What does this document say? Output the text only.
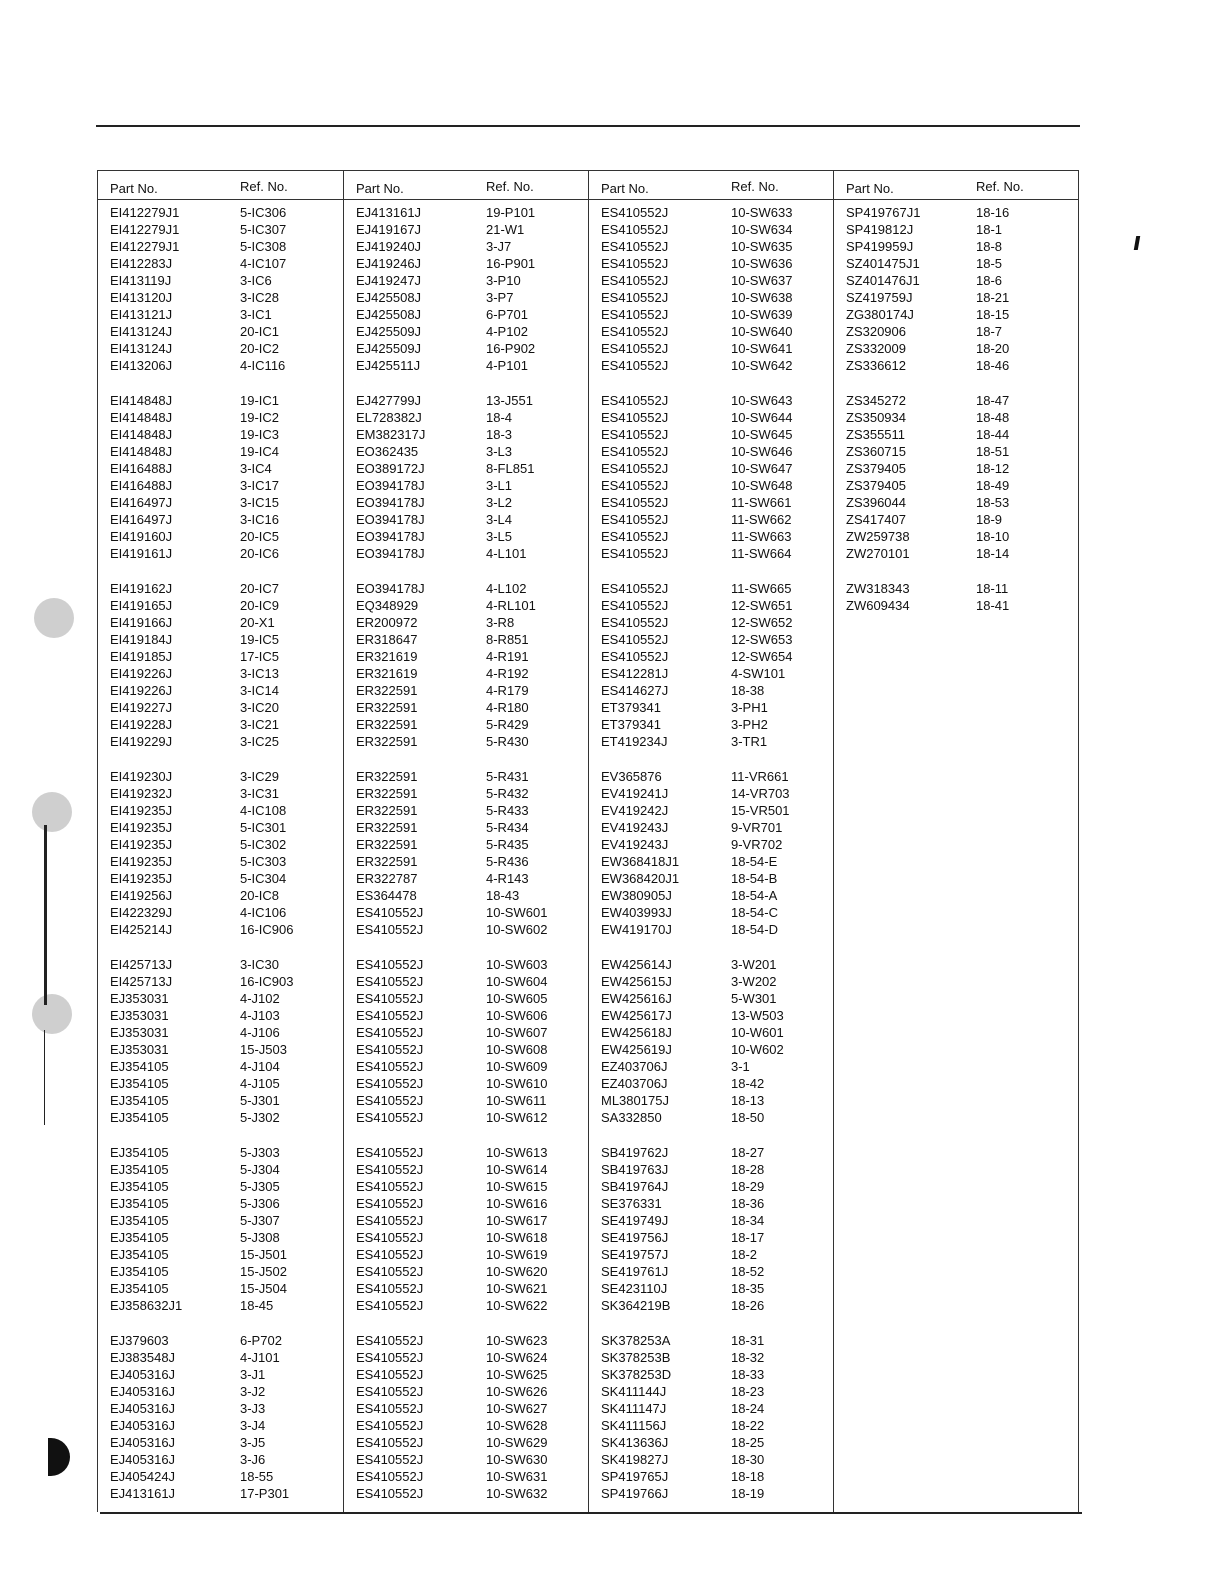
Part No.	Ref. No.
EI412279J1	5-IC306
EI412279J1	5-IC307
EI412279J1	5-IC308
EI412283J	4-IC107
EI413119J	3-IC6
EI413120J	3-IC28
EI413121J	3-IC1
EI413124J	20-IC1
EI413124J	20-IC2
EI413206J	4-IC116
EI414848J	19-IC1
EI414848J	19-IC2
EI414848J	19-IC3
EI414848J	19-IC4
EI416488J	3-IC4
EI416488J	3-IC17
EI416497J	3-IC15
EI416497J	3-IC16
EI419160J	20-IC5
EI419161J	20-IC6
EI419162J	20-IC7
EI419165J	20-IC9
EI419166J	20-X1
EI419184J	19-IC5
EI419185J	17-IC5
EI419226J	3-IC13
EI419226J	3-IC14
EI419227J	3-IC20
EI419228J	3-IC21
EI419229J	3-IC25
EI419230J	3-IC29
EI419232J	3-IC31
EI419235J	4-IC108
EI419235J	5-IC301
EI419235J	5-IC302
EI419235J	5-IC303
EI419235J	5-IC304
EI419256J	20-IC8
EI422329J	4-IC106
EI425214J	16-IC906
EI425713J	3-IC30
EI425713J	16-IC903
EJ353031	4-J102
EJ353031	4-J103
EJ353031	4-J106
EJ353031	15-J503
EJ354105	4-J104
EJ354105	4-J105
EJ354105	5-J301
EJ354105	5-J302
EJ354105	5-J303
EJ354105	5-J304
EJ354105	5-J305
EJ354105	5-J306
EJ354105	5-J307
EJ354105	5-J308
EJ354105	15-J501
EJ354105	15-J502
EJ354105	15-J504
EJ358632J1	18-45
EJ379603	6-P702
EJ383548J	4-J101
EJ405316J	3-J1
EJ405316J	3-J2
EJ405316J	3-J3
EJ405316J	3-J4
EJ405316J	3-J5
EJ405316J	3-J6
EJ405424J	18-55
EJ413161J	17-P301
Part No.	Ref. No.
EJ413161J	19-P101
EJ419167J	21-W1
EJ419240J	3-J7
EJ419246J	16-P901
EJ419247J	3-P10
EJ425508J	3-P7
EJ425508J	6-P701
EJ425509J	4-P102
EJ425509J	16-P902
EJ425511J	4-P101
EJ427799J	13-J551
EL728382J	18-4
EM382317J	18-3
EO362435	3-L3
EO389172J	8-FL851
EO394178J	3-L1
EO394178J	3-L2
EO394178J	3-L4
EO394178J	3-L5
EO394178J	4-L101
EO394178J	4-L102
EQ348929	4-RL101
ER200972	3-R8
ER318647	8-R851
ER321619	4-R191
ER321619	4-R192
ER322591	4-R179
ER322591	4-R180
ER322591	5-R429
ER322591	5-R430
ER322591	5-R431
ER322591	5-R432
ER322591	5-R433
ER322591	5-R434
ER322591	5-R435
ER322591	5-R436
ER322787	4-R143
ES364478	18-43
ES410552J	10-SW601
ES410552J	10-SW602
ES410552J	10-SW603
ES410552J	10-SW604
ES410552J	10-SW605
ES410552J	10-SW606
ES410552J	10-SW607
ES410552J	10-SW608
ES410552J	10-SW609
ES410552J	10-SW610
ES410552J	10-SW611
ES410552J	10-SW612
ES410552J	10-SW613
ES410552J	10-SW614
ES410552J	10-SW615
ES410552J	10-SW616
ES410552J	10-SW617
ES410552J	10-SW618
ES410552J	10-SW619
ES410552J	10-SW620
ES410552J	10-SW621
ES410552J	10-SW622
ES410552J	10-SW623
ES410552J	10-SW624
ES410552J	10-SW625
ES410552J	10-SW626
ES410552J	10-SW627
ES410552J	10-SW628
ES410552J	10-SW629
ES410552J	10-SW630
ES410552J	10-SW631
ES410552J	10-SW632
Part No.	Ref. No.
ES410552J	10-SW633
ES410552J	10-SW634
ES410552J	10-SW635
ES410552J	10-SW636
ES410552J	10-SW637
ES410552J	10-SW638
ES410552J	10-SW639
ES410552J	10-SW640
ES410552J	10-SW641
ES410552J	10-SW642
ES410552J	10-SW643
ES410552J	10-SW644
ES410552J	10-SW645
ES410552J	10-SW646
ES410552J	10-SW647
ES410552J	10-SW648
ES410552J	11-SW661
ES410552J	11-SW662
ES410552J	11-SW663
ES410552J	11-SW664
ES410552J	11-SW665
ES410552J	12-SW651
ES410552J	12-SW652
ES410552J	12-SW653
ES410552J	12-SW654
ES412281J	4-SW101
ES414627J	18-38
ET379341	3-PH1
ET379341	3-PH2
ET419234J	3-TR1
EV365876	11-VR661
EV419241J	14-VR703
EV419242J	15-VR501
EV419243J	9-VR701
EV419243J	9-VR702
EW368418J1	18-54-E
EW368420J1	18-54-B
EW380905J	18-54-A
EW403993J	18-54-C
EW419170J	18-54-D
EW425614J	3-W201
EW425615J	3-W202
EW425616J	5-W301
EW425617J	13-W503
EW425618J	10-W601
EW425619J	10-W602
EZ403706J	3-1
EZ403706J	18-42
ML380175J	18-13
SA332850	18-50
SB419762J	18-27
SB419763J	18-28
SB419764J	18-29
SE376331	18-36
SE419749J	18-34
SE419756J	18-17
SE419757J	18-2
SE419761J	18-52
SE423110J	18-35
SK364219B	18-26
SK378253A	18-31
SK378253B	18-32
SK378253D	18-33
SK411144J	18-23
SK411147J	18-24
SK411156J	18-22
SK413636J	18-25
SK419827J	18-30
SP419765J	18-18
SP419766J	18-19
Part No.	Ref. No.
SP419767J1	18-16
SP419812J	18-1
SP419959J	18-8
SZ401475J1	18-5
SZ401476J1	18-6
SZ419759J	18-21
ZG380174J	18-15
ZS320906	18-7
ZS332009	18-20
ZS336612	18-46
ZS345272	18-47
ZS350934	18-48
ZS355511	18-44
ZS360715	18-51
ZS379405	18-12
ZS379405	18-49
ZS396044	18-53
ZS417407	18-9
ZW259738	18-10
ZW270101	18-14
ZW318343	18-11
ZW609434	18-41
